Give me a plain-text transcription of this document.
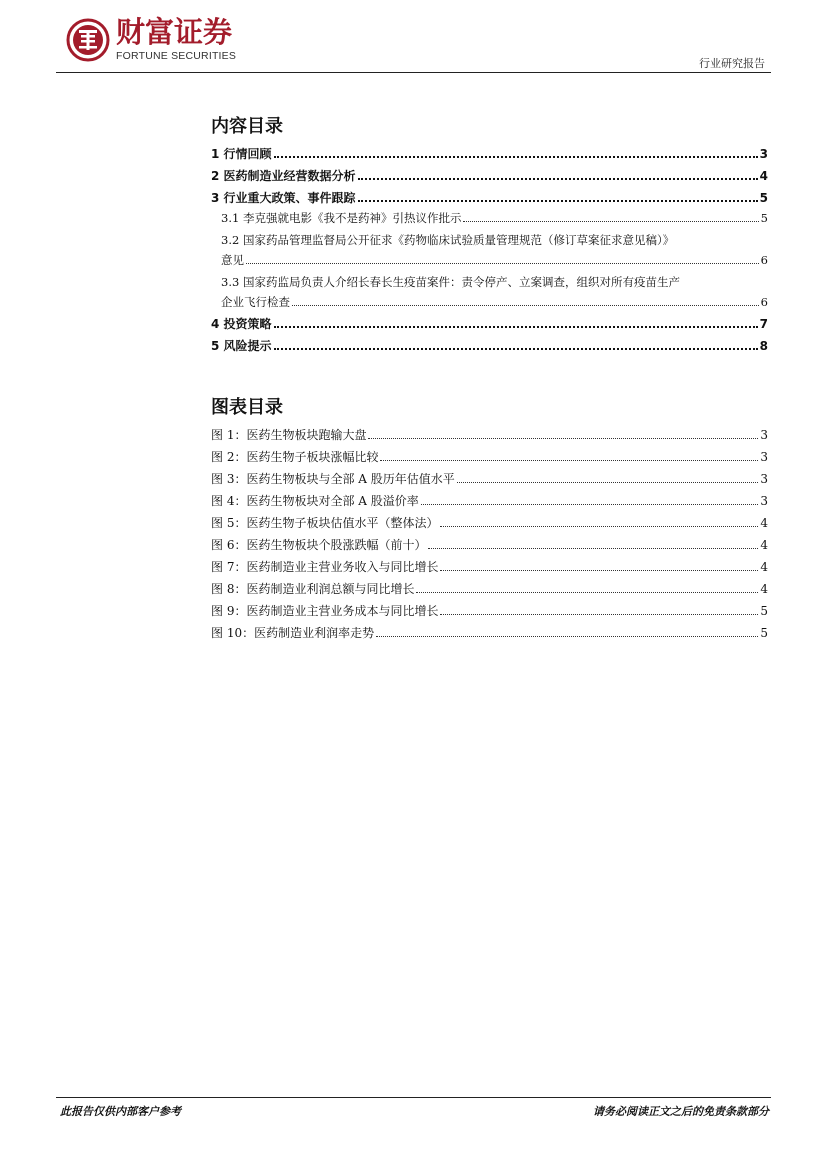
财富证券
FORTUNE SECURITIES
行业研究报告
内容目录
1 行情回顾	3
2 医药制造业经营数据分析	4
3 行业重大政策、事件跟踪	5
3.1 李克强就电影《我不是药神》引热议作批示	5
3.2 国家药品管理监督局公开征求《药物临床试验质量管理规范（修订草案征求意见稿）》
意见	6
3.3 国家药监局负责人介绍长春长生疫苗案件：责令停产、立案调查，组织对所有疫苗生产
企业飞行检查	6
4 投资策略	7
5 风险提示	8
图表目录
图 1：医药生物板块跑输大盘	3
图 2：医药生物子板块涨幅比较	3
图 3：医药生物板块与全部 A 股历年估值水平	3
图 4：医药生物板块对全部 A 股溢价率	3
图 5：医药生物子板块估值水平（整体法）	4
图 6：医药生物板块个股涨跌幅（前十）	4
图 7：医药制造业主营业务收入与同比增长	4
图 8：医药制造业利润总额与同比增长	4
图 9：医药制造业主营业务成本与同比增长	5
图 10：医药制造业利润率走势	5
此报告仅供内部客户参考	请务必阅读正文之后的免责条款部分
